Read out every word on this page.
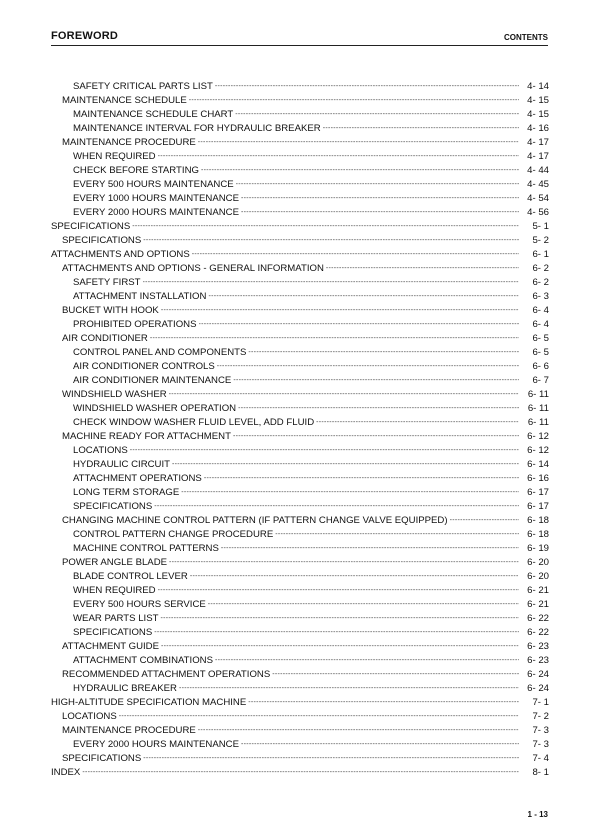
FOREWORD	CONTENTS
SAFETY CRITICAL PARTS LIST -----	4- 14
MAINTENANCE SCHEDULE -----	4- 15
MAINTENANCE SCHEDULE CHART -----	4- 15
MAINTENANCE INTERVAL FOR HYDRAULIC BREAKER -----	4- 16
MAINTENANCE PROCEDURE -----	4- 17
WHEN REQUIRED -----	4- 17
CHECK BEFORE STARTING -----	4- 44
EVERY 500 HOURS MAINTENANCE -----	4- 45
EVERY 1000 HOURS MAINTENANCE -----	4- 54
EVERY 2000 HOURS MAINTENANCE -----	4- 56
SPECIFICATIONS -----	5- 1
SPECIFICATIONS -----	5- 2
ATTACHMENTS AND OPTIONS -----	6- 1
ATTACHMENTS AND OPTIONS - GENERAL INFORMATION -----	6- 2
SAFETY FIRST -----	6- 2
ATTACHMENT INSTALLATION -----	6- 3
BUCKET WITH HOOK -----	6- 4
PROHIBITED OPERATIONS -----	6- 4
AIR CONDITIONER -----	6- 5
CONTROL PANEL AND COMPONENTS -----	6- 5
AIR CONDITIONER CONTROLS -----	6- 6
AIR CONDITIONER MAINTENANCE -----	6- 7
WINDSHIELD WASHER -----	6- 11
WINDSHIELD WASHER OPERATION -----	6- 11
CHECK WINDOW WASHER FLUID LEVEL, ADD FLUID -----	6- 11
MACHINE READY FOR ATTACHMENT -----	6- 12
LOCATIONS -----	6- 12
HYDRAULIC CIRCUIT -----	6- 14
ATTACHMENT OPERATIONS -----	6- 16
LONG TERM STORAGE -----	6- 17
SPECIFICATIONS -----	6- 17
CHANGING MACHINE CONTROL PATTERN (IF PATTERN CHANGE VALVE EQUIPPED) -----	6- 18
CONTROL PATTERN CHANGE PROCEDURE -----	6- 18
MACHINE CONTROL PATTERNS -----	6- 19
POWER ANGLE BLADE -----	6- 20
BLADE CONTROL LEVER -----	6- 20
WHEN REQUIRED -----	6- 21
EVERY 500 HOURS SERVICE -----	6- 21
WEAR PARTS LIST -----	6- 22
SPECIFICATIONS -----	6- 22
ATTACHMENT GUIDE -----	6- 23
ATTACHMENT COMBINATIONS -----	6- 23
RECOMMENDED ATTACHMENT OPERATIONS -----	6- 24
HYDRAULIC BREAKER -----	6- 24
HIGH-ALTITUDE SPECIFICATION MACHINE -----	7- 1
LOCATIONS -----	7- 2
MAINTENANCE PROCEDURE -----	7- 3
EVERY 2000 HOURS MAINTENANCE -----	7- 3
SPECIFICATIONS -----	7- 4
INDEX -----	8- 1
1 - 13
